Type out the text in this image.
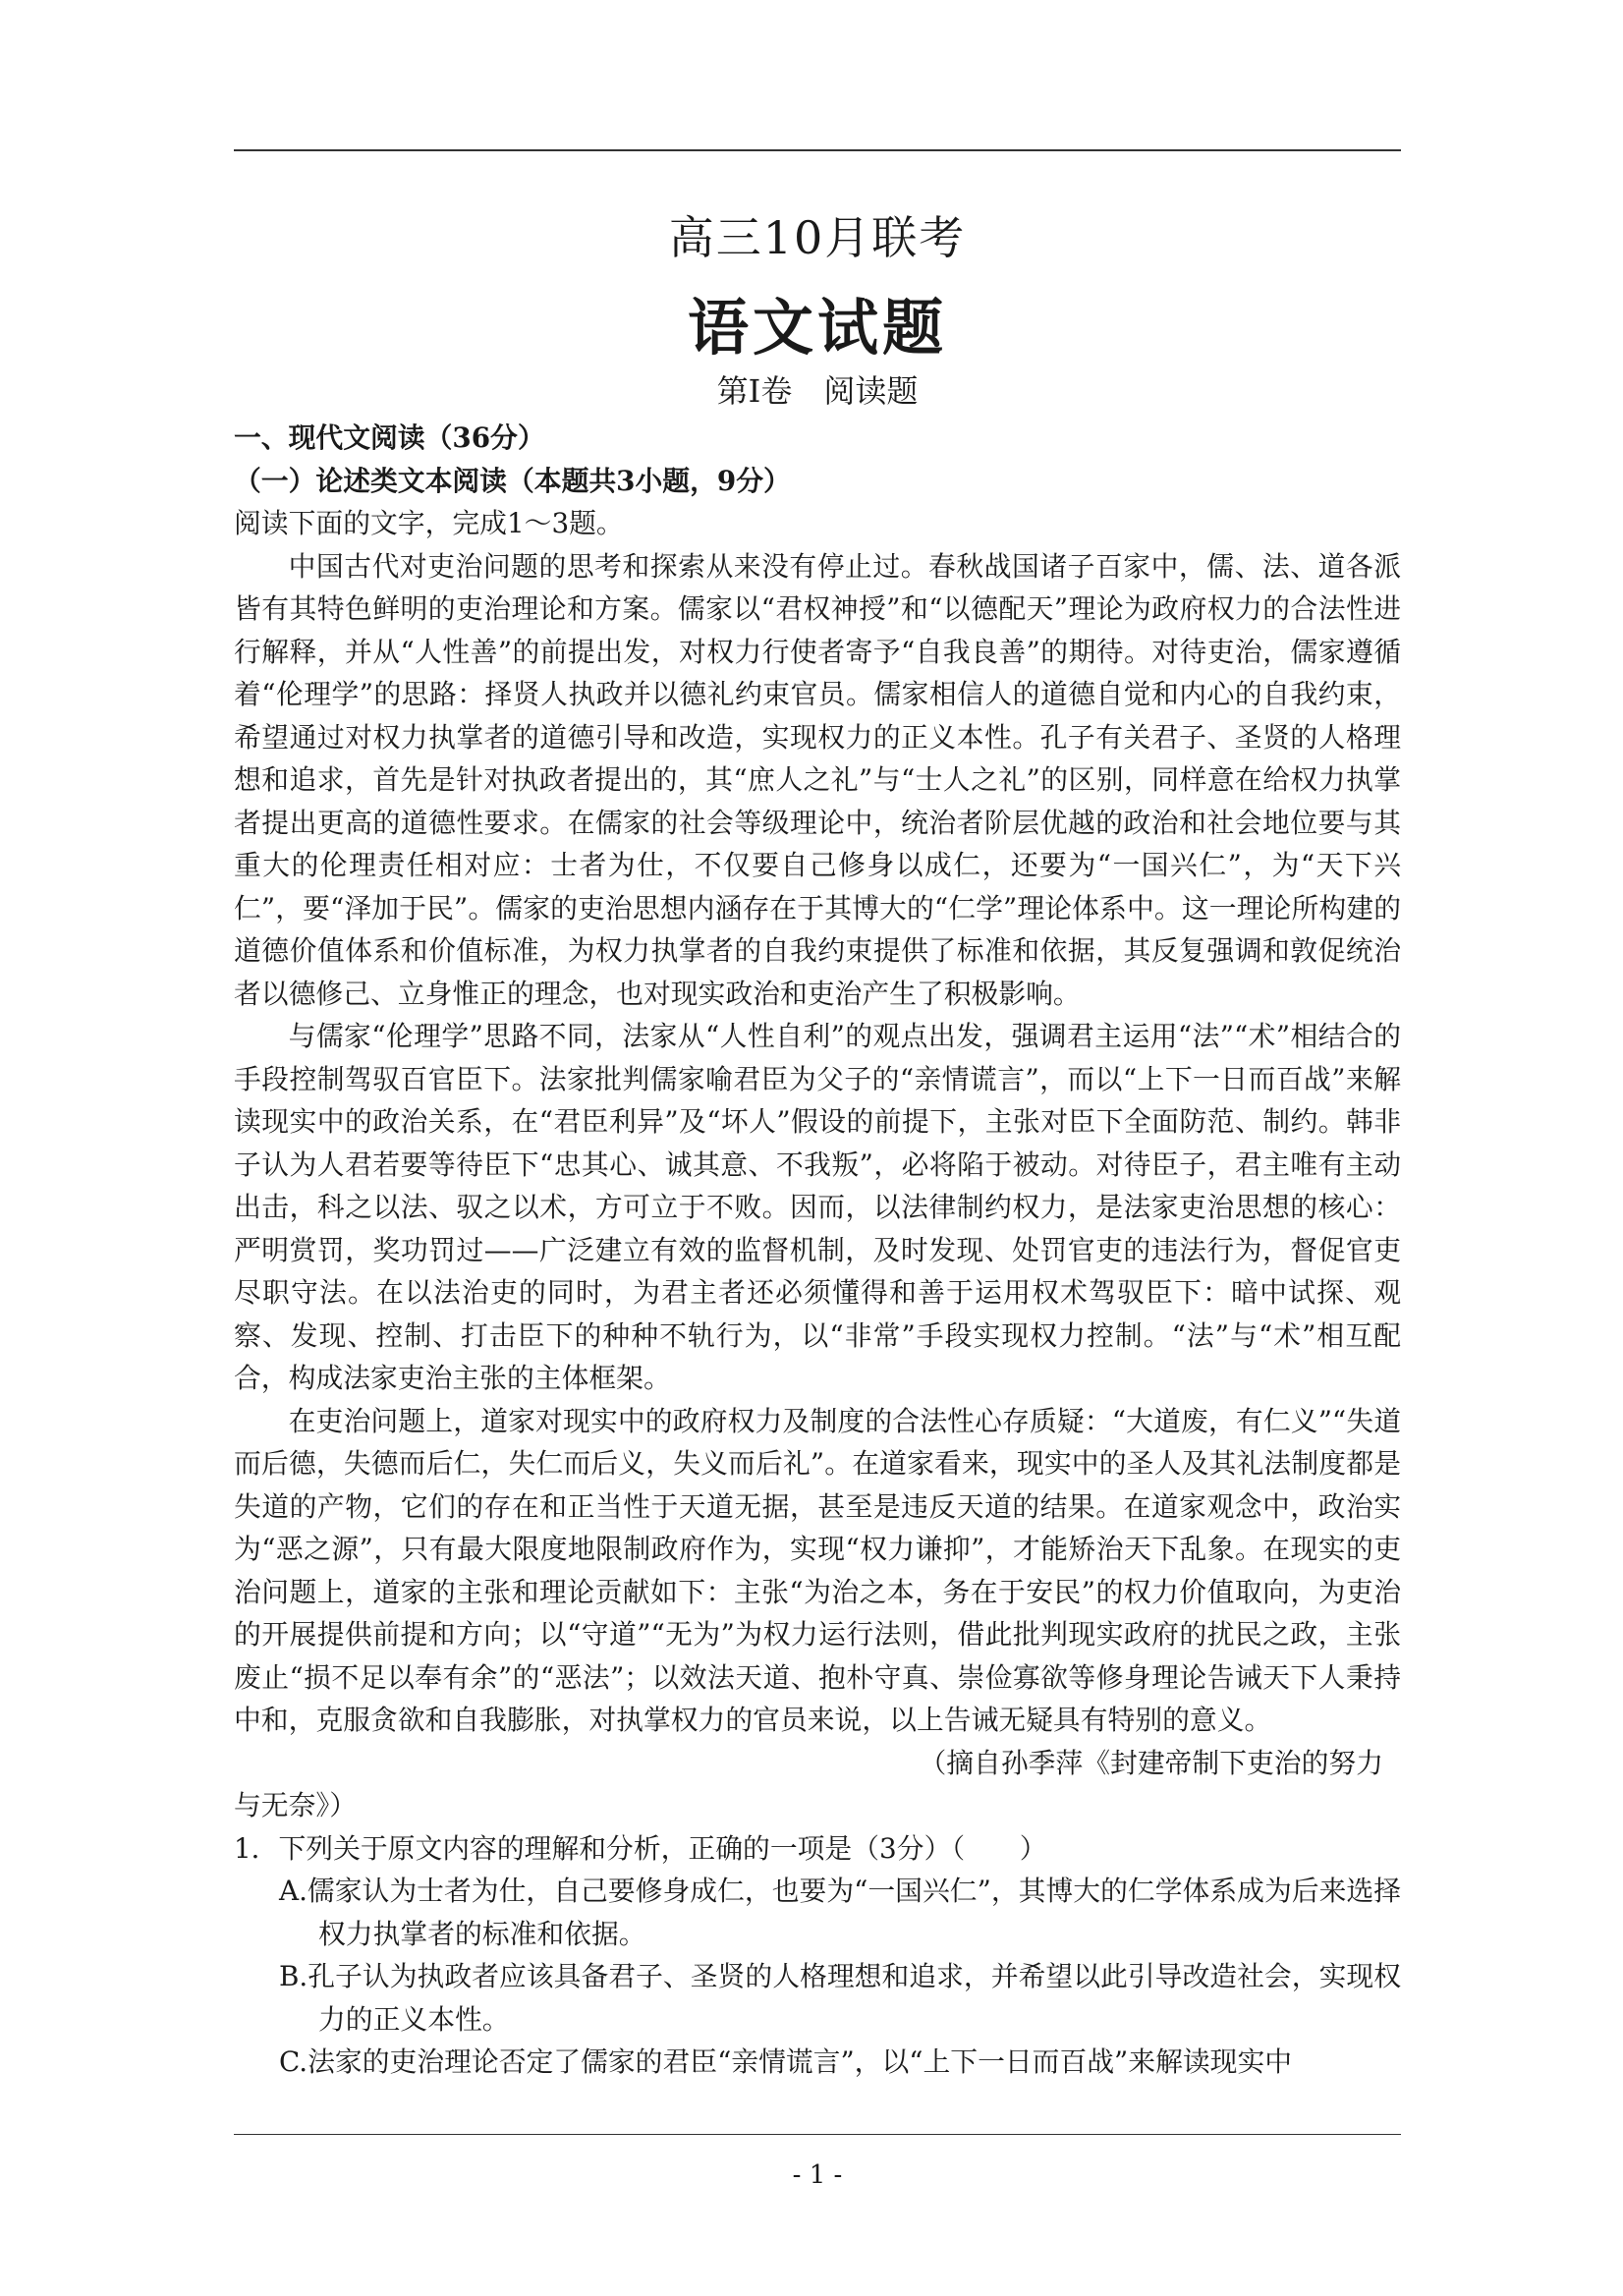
高三10月联考
语文试题
第Ⅰ卷　阅读题

一、现代文阅读（36分）

（一）论述类文本阅读（本题共3小题，9分）

阅读下面的文字，完成1～3题。

中国古代对吏治问题的思考和探索从来没有停止过。春秋战国诸子百家中，儒、法、道各派皆有其特色鲜明的吏治理论和方案。儒家以“君权神授”和“以德配天”理论为政府权力的合法性进行解释，并从“人性善”的前提出发，对权力行使者寄予“自我良善”的期待。对待吏治，儒家遵循着“伦理学”的思路：择贤人执政并以德礼约束官员。儒家相信人的道德自觉和内心的自我约束，希望通过对权力执掌者的道德引导和改造，实现权力的正义本性。孔子有关君子、圣贤的人格理想和追求，首先是针对执政者提出的，其“庶人之礼”与“士人之礼”的区别，同样意在给权力执掌者提出更高的道德性要求。在儒家的社会等级理论中，统治者阶层优越的政治和社会地位要与其重大的伦理责任相对应：士者为仕，不仅要自己修身以成仁，还要为“一国兴仁”，为“天下兴仁”，要“泽加于民”。儒家的吏治思想内涵存在于其博大的“仁学”理论体系中。这一理论所构建的道德价值体系和价值标准，为权力执掌者的自我约束提供了标准和依据，其反复强调和敦促统治者以德修己、立身惟正的理念，也对现实政治和吏治产生了积极影响。

与儒家“伦理学”思路不同，法家从“人性自利”的观点出发，强调君主运用“法”“术”相结合的手段控制驾驭百官臣下。法家批判儒家喻君臣为父子的“亲情谎言”，而以“上下一日而百战”来解读现实中的政治关系，在“君臣利异”及“坏人”假设的前提下，主张对臣下全面防范、制约。韩非子认为人君若要等待臣下“忠其心、诚其意、不我叛”，必将陷于被动。对待臣子，君主唯有主动出击，科之以法、驭之以术，方可立于不败。因而，以法律制约权力，是法家吏治思想的核心：严明赏罚，奖功罚过——广泛建立有效的监督机制，及时发现、处罚官吏的违法行为，督促官吏尽职守法。在以法治吏的同时，为君主者还必须懂得和善于运用权术驾驭臣下：暗中试探、观察、发现、控制、打击臣下的种种不轨行为，以“非常”手段实现权力控制。“法”与“术”相互配合，构成法家吏治主张的主体框架。

在吏治问题上，道家对现实中的政府权力及制度的合法性心存质疑：“大道废，有仁义”“失道而后德，失德而后仁，失仁而后义，失义而后礼”。在道家看来，现实中的圣人及其礼法制度都是失道的产物，它们的存在和正当性于天道无据，甚至是违反天道的结果。在道家观念中，政治实为“恶之源”，只有最大限度地限制政府作为，实现“权力谦抑”，才能矫治天下乱象。在现实的吏治问题上，道家的主张和理论贡献如下：主张“为治之本，务在于安民”的权力价值取向，为吏治的开展提供前提和方向；以“守道”“无为”为权力运行法则，借此批判现实政府的扰民之政，主张废止“损不足以奉有余”的“恶法”；以效法天道、抱朴守真、崇俭寡欲等修身理论告诫天下人秉持中和，克服贪欲和自我膨胀，对执掌权力的官员来说，以上告诫无疑具有特别的意义。

（摘自孙季萍《封建帝制下吏治的努力

与无奈》）

1．下列关于原文内容的理解和分析，正确的一项是（3分）（　　）

A.儒家认为士者为仕，自己要修身成仁，也要为“一国兴仁”，其博大的仁学体系成为后来选择权力执掌者的标准和依据。

B.孔子认为执政者应该具备君子、圣贤的人格理想和追求，并希望以此引导改造社会，实现权力的正义本性。

C.法家的吏治理论否定了儒家的君臣“亲情谎言”，以“上下一日而百战”来解读现实中

- 1 -
